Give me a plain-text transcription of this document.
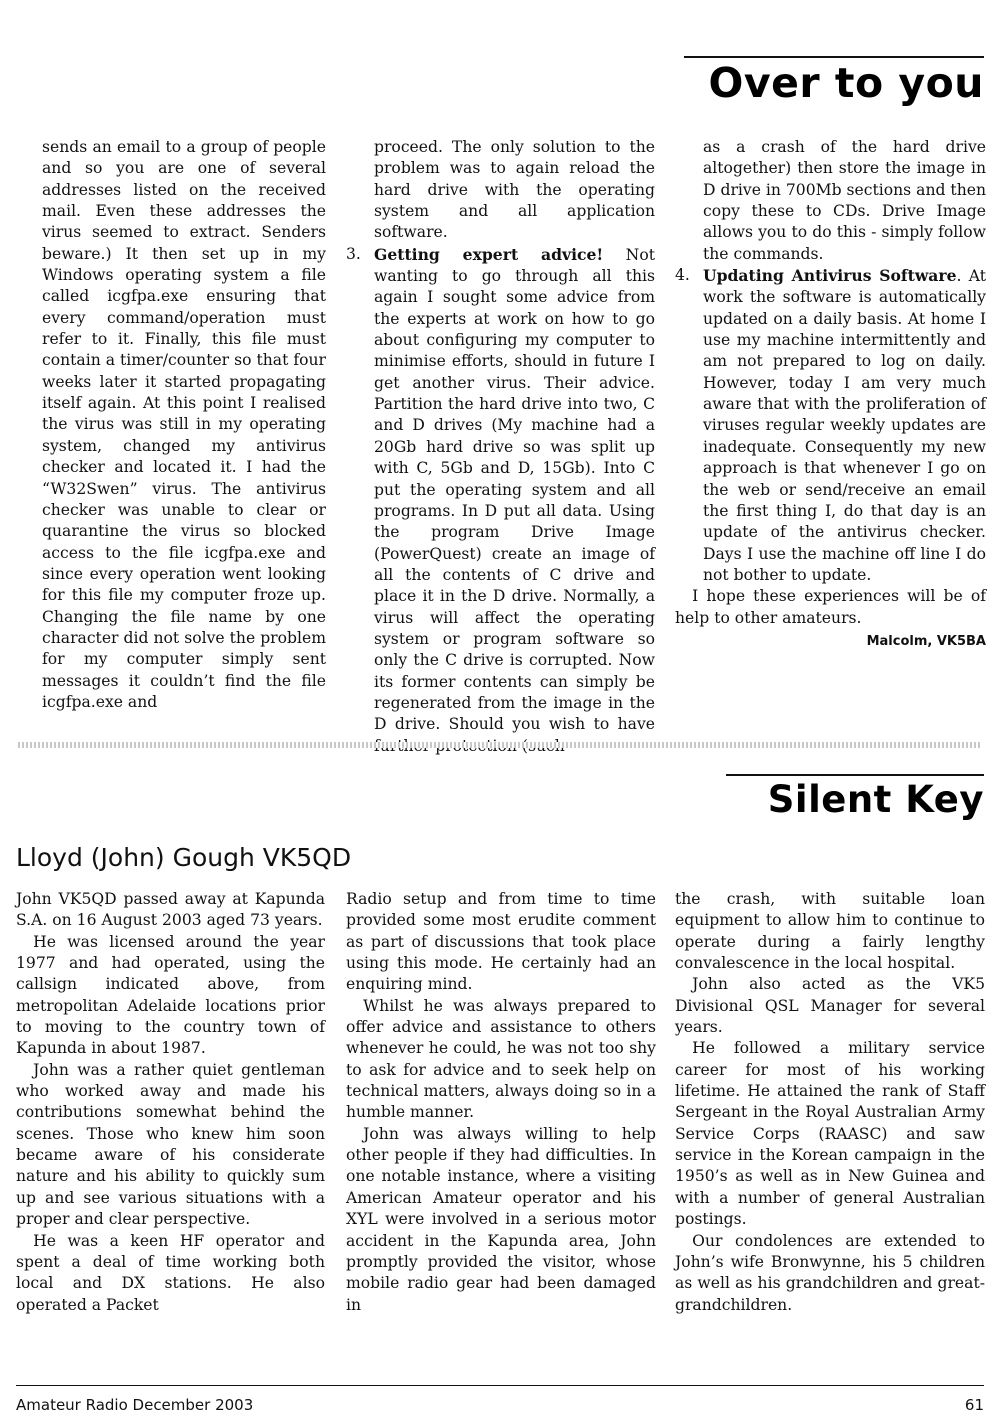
Over to you

sends an email to a group of people and so you are one of several addresses listed on the received mail. Even these addresses the virus seemed to extract. Senders beware.) It then set up in my Windows operating system a file called icgfpa.exe ensuring that every command/operation must refer to it. Finally, this file must contain a timer/counter so that four weeks later it started propagating itself again. At this point I realised the virus was still in my operating system, changed my antivirus checker and located it. I had the “W32Swen” virus. The antivirus checker was unable to clear or quarantine the virus so blocked access to the file icgfpa.exe and since every operation went looking for this file my computer froze up. Changing the file name by one character did not solve the problem for my computer simply sent messages it couldn’t find the file icgfpa.exe and

proceed. The only solution to the problem was to again reload the hard drive with the operating system and all application software.

3. Getting expert advice! Not wanting to go through all this again I sought some advice from the experts at work on how to go about configuring my computer to minimise efforts, should in future I get another virus. Their advice. Partition the hard drive into two, C and D drives (My machine had a 20Gb hard drive so was split up with C, 5Gb and D, 15Gb). Into C put the operating system and all programs. In D put all data. Using the program Drive Image (PowerQuest) create an image of all the contents of C drive and place it in the D drive. Normally, a virus will affect the operating system or program software so only the C drive is corrupted. Now its former contents can simply be regenerated from the image in the D drive. Should you wish to have

as a crash of the hard drive altogether) then store the image in D drive in 700Mb sections and then copy these to CDs. Drive Image allows you to do this - simply follow the commands.

4. Updating Antivirus Software. At work the software is automatically updated on a daily basis. At home I use my machine intermittently and am not prepared to log on daily. However, today I am very much aware that with the proliferation of viruses regular weekly updates are inadequate. Consequently my new approach is that whenever I go on the web or send/receive an email the first thing I, do that day is an update of the antivirus checker. Days I use the machine off line I do not bother to update.

I hope these experiences will be of help to other amateurs.

Malcolm, VK5BA

Silent Key
Lloyd (John) Gough VK5QD

John VK5QD passed away at Kapunda S.A. on 16 August 2003 aged 73 years.

He was licensed around the year 1977 and had operated, using the callsign indicated above, from metropolitan Adelaide locations prior to moving to the country town of Kapunda in about 1987.

John was a rather quiet gentleman who worked away and made his contributions somewhat behind the scenes. Those who knew him soon became aware of his considerate nature and his ability to quickly sum up and see various situations with a proper and clear perspective.

He was a keen HF operator and spent a deal of time working both local and DX stations. He also operated a Packet

Radio setup and from time to time provided some most erudite comment as part of discussions that took place using this mode. He certainly had an enquiring mind.

Whilst he was always prepared to offer advice and assistance to others whenever he could, he was not too shy to ask for advice and to seek help on technical matters, always doing so in a humble manner.

John was always willing to help other people if they had difficulties. In one notable instance, where a visiting American Amateur operator and his XYL were involved in a serious motor accident in the Kapunda area, John promptly provided the visitor, whose mobile radio gear had been damaged in

the crash, with suitable loan equipment to allow him to continue to operate during a fairly lengthy convalescence in the local hospital.

John also acted as the VK5 Divisional QSL Manager for several years.

He followed a military service career for most of his working lifetime. He attained the rank of Staff Sergeant in the Royal Australian Army Service Corps (RAASC) and saw service in the Korean campaign in the 1950’s as well as in New Guinea and with a number of general Australian postings.

Our condolences are extended to John’s wife Bronwynne, his 5 children as well as his grandchildren and great-grandchildren.

Amateur Radio December 2003	61
